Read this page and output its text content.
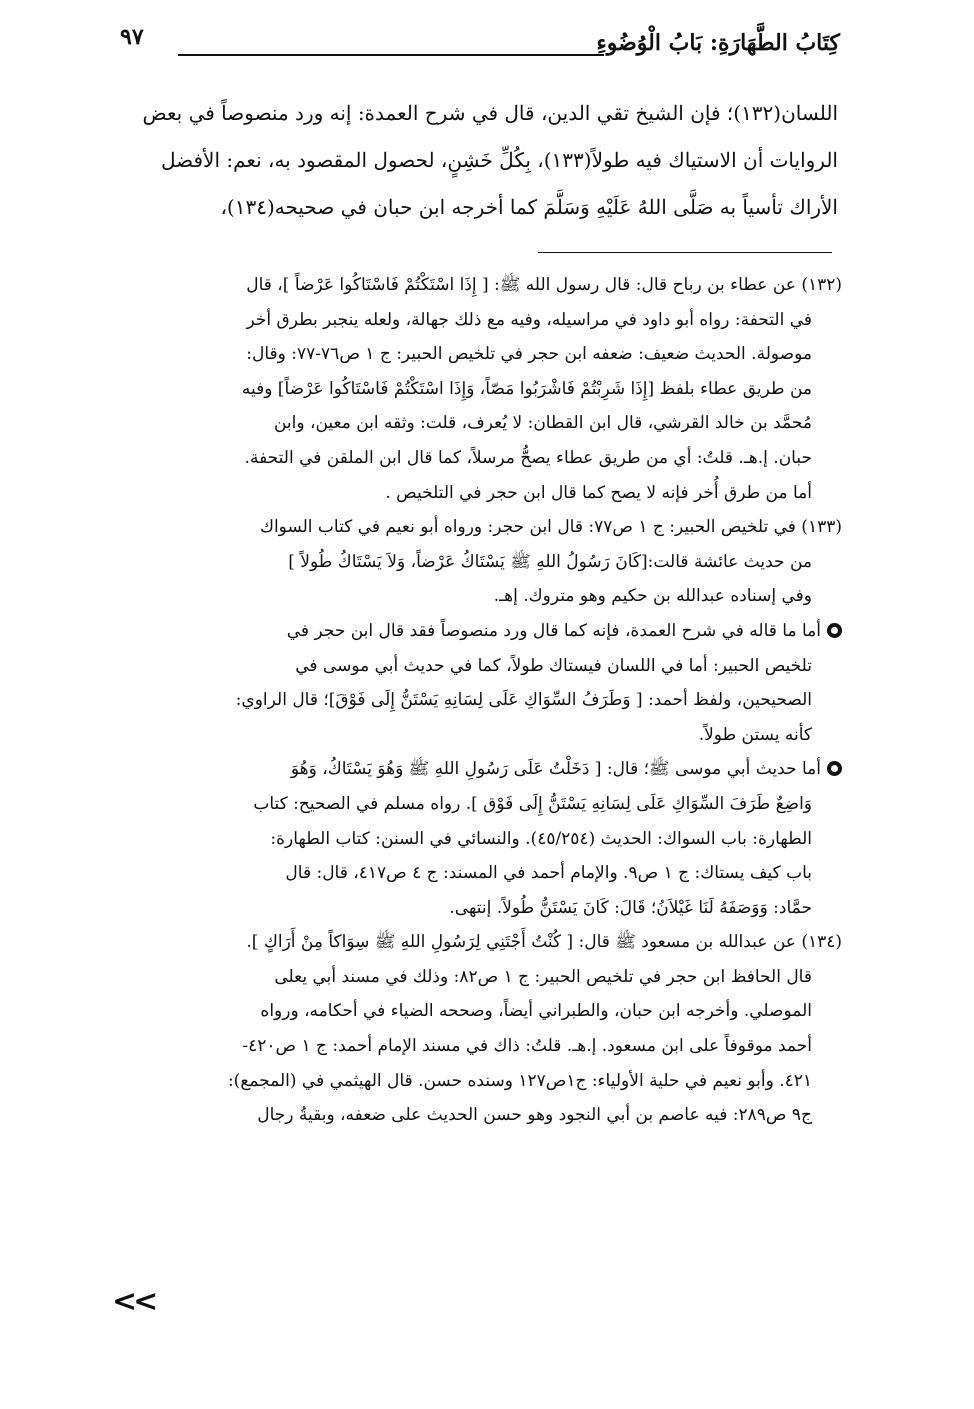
كِتَابُ الطَّهَارَةِ: بَابُ الْوُضُوءِ
٩٧

اللسان(١٣٢)؛ فإن الشيخ تقي الدين، قال في شرح العمدة: إنه ورد منصوصاً في بعض

الروايات أن الاستياك فيه طولاً(١٣٣)، بِكُلِّ خَشِنٍ، لحصول المقصود به، نعم: الأفضل

الأراك تأسياً به صَلَّى اللهُ عَلَيْهِ وَسَلَّمَ كما أخرجه ابن حبان في صحيحه(١٣٤)،

(١٣٢) عن عطاء بن رباح قال: قال رسول الله ﷺ: [ إِذَا اسْتَكْتُمْ فَاسْتَاكُوا عَرْضاً ]، قال

في التحفة: رواه أبو داود في مراسيله، وفيه مع ذلك جهالة، ولعله ينجبر بطرق أخر

موصولة. الحديث ضعيف: ضعفه ابن حجر في تلخيص الحبير: ج ١ ص٧٦-٧٧: وقال:

من طريق عطاء بلفظ [إِذَا شَرِبْتُمْ فَاشْرَبُوا مَصّاً، وَإِذَا اسْتَكْتُمْ فَاسْتَاكُوا عَرْضاً] وفيه

مُحمَّد بن خالد القرشي، قال ابن القطان: لا يُعرف، قلت: وثقه ابن معين، وابن

حبان. إ.هـ. قلتُ: أي من طريق عطاء يصحُّ مرسلاً، كما قال ابن الملقن في التحفة.

أما من طرق أُخر فإنه لا يصح كما قال ابن حجر في التلخيص .

(١٣٣) في تلخيص الحبير: ج ١ ص٧٧: قال ابن حجر: ورواه أبو نعيم في كتاب السواك

من حديث عائشة قالت:[كَانَ رَسُولُ اللهِ ﷺ يَسْتَاكُ عَرْضاً، وَلاَ يَسْتَاكُ طُولاً ]

وفي إسناده عبدالله بن حكيم وهو متروك. إهـ.

أما ما قاله في شرح العمدة، فإنه كما قال ورد منصوصاً فقد قال ابن حجر في

تلخيص الحبير: أما في اللسان فيستاك طولاً، كما في حديث أبي موسى في

الصحيحين، ولفظ أحمد: [ وَطَرَفُ السِّوَاكِ عَلَى لِسَانِهِ يَسْتَنُّ إِلَى فَوْقَ]؛ قال الراوي:

كأنه يستن طولاً.

أما حديث أبي موسى ﷺ؛ قال: [ دَخَلْتُ عَلَى رَسُولِ اللهِ ﷺ وَهُوَ يَسْتَاكُ، وَهُوَ

وَاضِعٌ طَرَفَ السِّوَاكِ عَلَى لِسَانِهِ يَسْتَنُّ إِلَى فَوْق ]. رواه مسلم في الصحيح: كتاب

الطهارة: باب السواك: الحديث (٤٥/٢٥٤). والنسائي في السنن: كتاب الطهارة:

باب كيف يستاك: ج ١ ص٩. والإمام أحمد في المسند: ج ٤ ص٤١٧، قال: قال

حمَّاد: وَوَصَفَهُ لَنَا غَيْلاَنُ؛ قَالَ: كَانَ يَسْتَنُّ طُولاً. إنتهى.

(١٣٤) عن عبدالله بن مسعود ﷺ قال: [ كُنْتُ أَجْتَنِي لِرَسُولِ اللهِ ﷺ سِوَاكاً مِنْ أَرَاكٍ ].

قال الحافظ ابن حجر في تلخيص الحبير: ج ١ ص٨٢: وذلك في مسند أبي يعلى

الموصلي. وأخرجه ابن حبان، والطبراني أيضاً، وصححه الضياء في أحكامه، ورواه

أحمد موقوفاً على ابن مسعود. إ.هـ. قلتُ: ذاك في مسند الإمام أحمد: ج ١ ص٤٢٠-

٤٢١. وأبو نعيم في حلية الأولياء: ج١ص١٢٧ وسنده حسن. قال الهيثمي في (المجمع):

ج٩ ص٢٨٩: فيه عاصم بن أبي النجود وهو حسن الحديث على ضعفه، وبقيةُ رجال

<<
